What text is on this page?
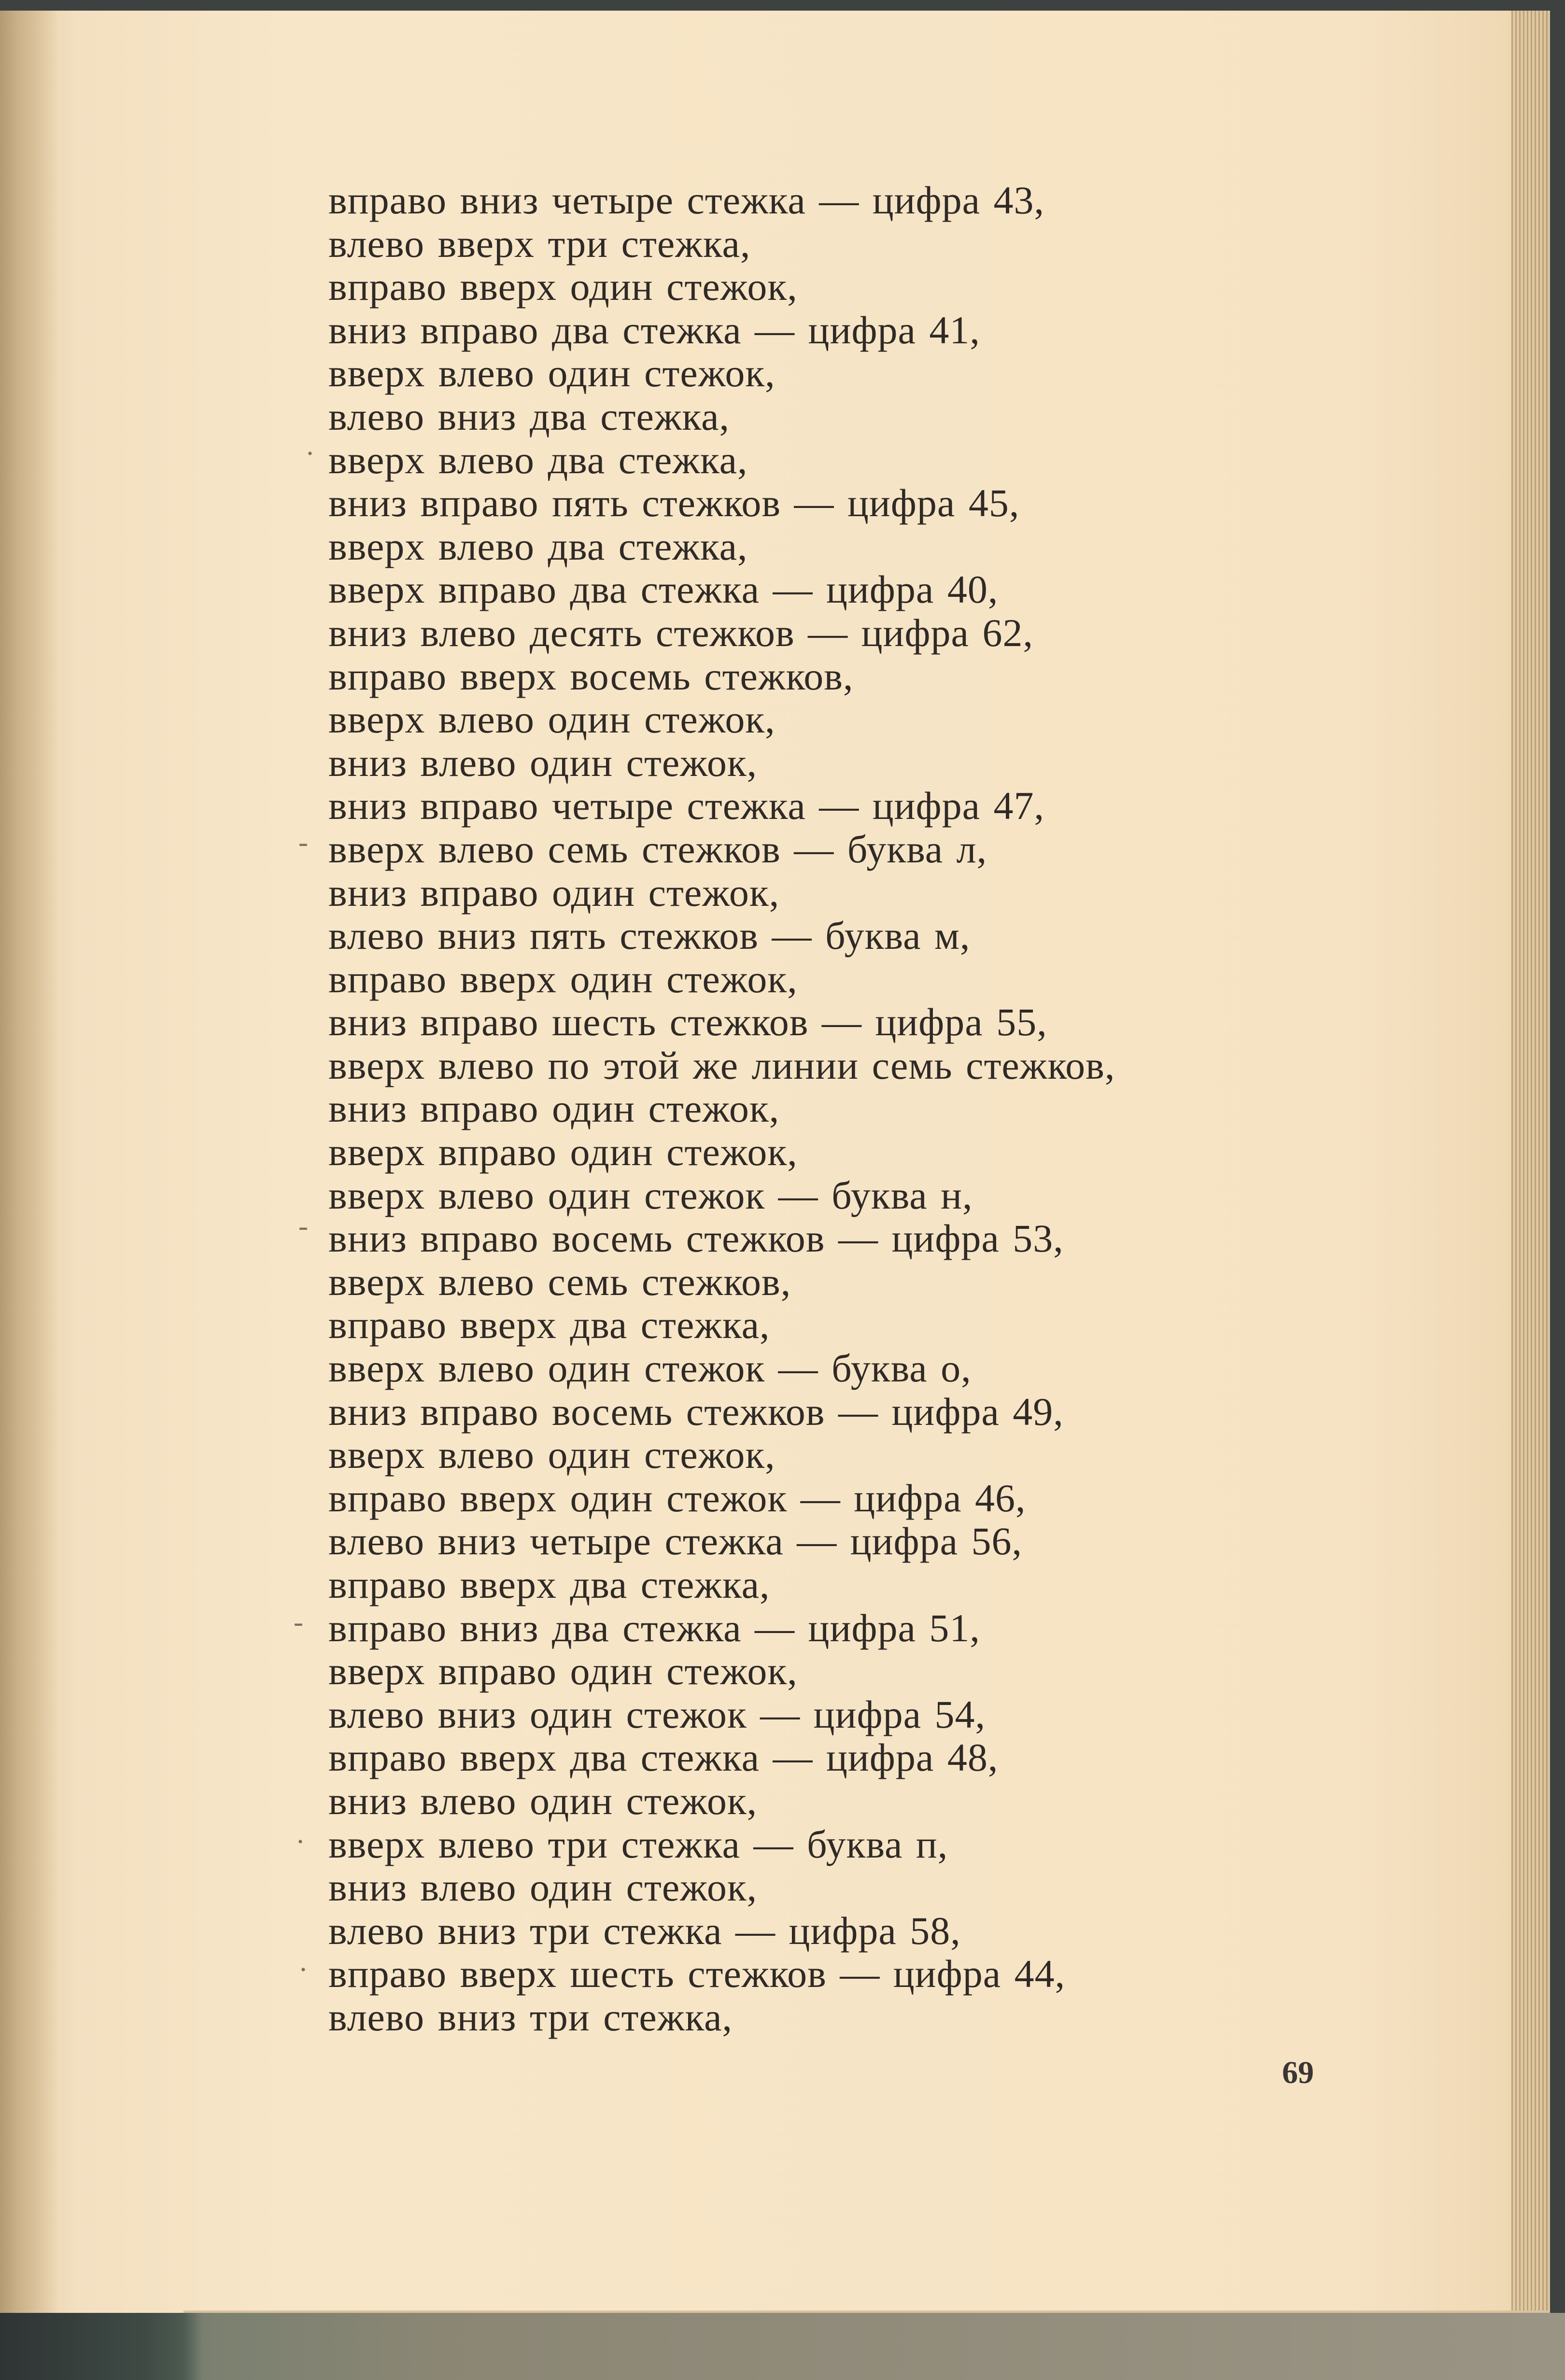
·
-
-
-
·
·
вправо вниз четыре стежка — цифра 43,
влево вверх три стежка,
вправо вверх один стежок,
вниз вправо два стежка — цифра 41,
вверх влево один стежок,
влево вниз два стежка,
вверх влево два стежка,
вниз вправо пять стежков — цифра 45,
вверх влево два стежка,
вверх вправо два стежка — цифра 40,
вниз влево десять стежков — цифра 62,
вправо вверх восемь стежков,
вверх влево один стежок,
вниз влево один стежок,
вниз вправо четыре стежка — цифра 47,
вверх влево семь стежков — буква л,
вниз вправо один стежок,
влево вниз пять стежков — буква м,
вправо вверх один стежок,
вниз вправо шесть стежков — цифра 55,
вверх влево по этой же линии семь стежков,
вниз вправо один стежок,
вверх вправо один стежок,
вверх влево один стежок — буква н,
вниз вправо восемь стежков — цифра 53,
вверх влево семь стежков,
вправо вверх два стежка,
вверх влево один стежок — буква о,
вниз вправо восемь стежков — цифра 49,
вверх влево один стежок,
вправо вверх один стежок — цифра 46,
влево вниз четыре стежка — цифра 56,
вправо вверх два стежка,
вправо вниз два стежка — цифра 51,
вверх вправо один стежок,
влево вниз один стежок — цифра 54,
вправо вверх два стежка — цифра 48,
вниз влево один стежок,
вверх влево три стежка — буква п,
вниз влево один стежок,
влево вниз три стежка — цифра 58,
вправо вверх шесть стежков — цифра 44,
влево вниз три стежка,
69
